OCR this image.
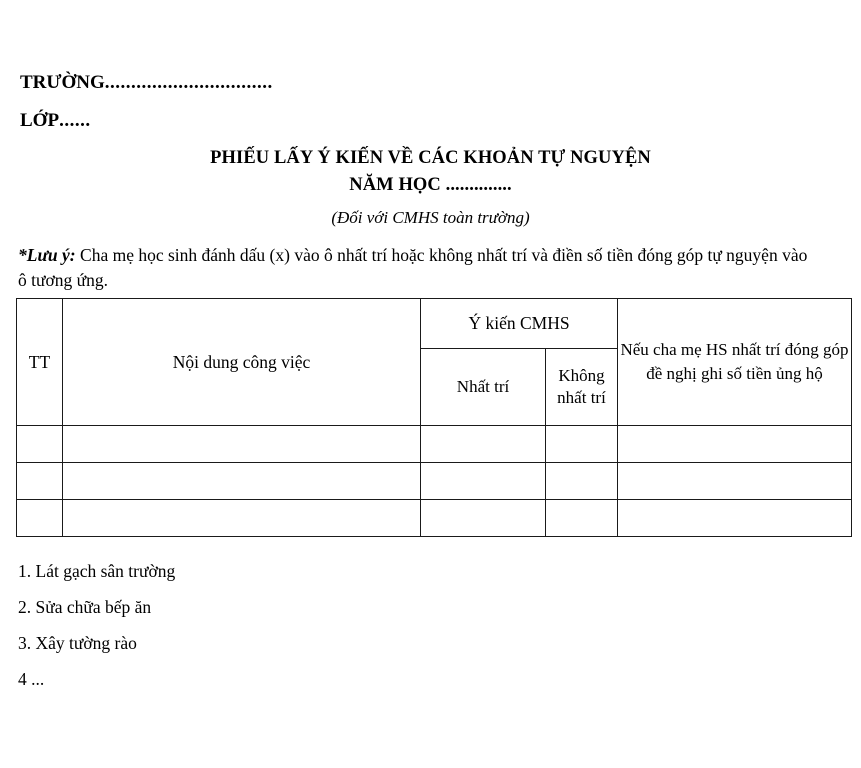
TRƯỜNG................................
LỚP......
PHIẾU LẤY Ý KIẾN VỀ CÁC KHOẢN TỰ NGUYỆN
NĂM HỌC ..............
(Đối với CMHS toàn trường)
*Lưu ý: Cha mẹ học sinh đánh dấu (x) vào ô nhất trí hoặc không nhất trí và điền số tiền đóng góp tự nguyện vào ô tương ứng.
TT	Nội dung công việc	Ý kiến CMHS		Nếu cha mẹ HS nhất trí đóng góp đề nghị ghi số tiền ủng hộ
		Nhất trí	Không nhất trí	

1. Lát gạch sân trường
2. Sửa chữa bếp ăn
3. Xây tường rào
4 ...
